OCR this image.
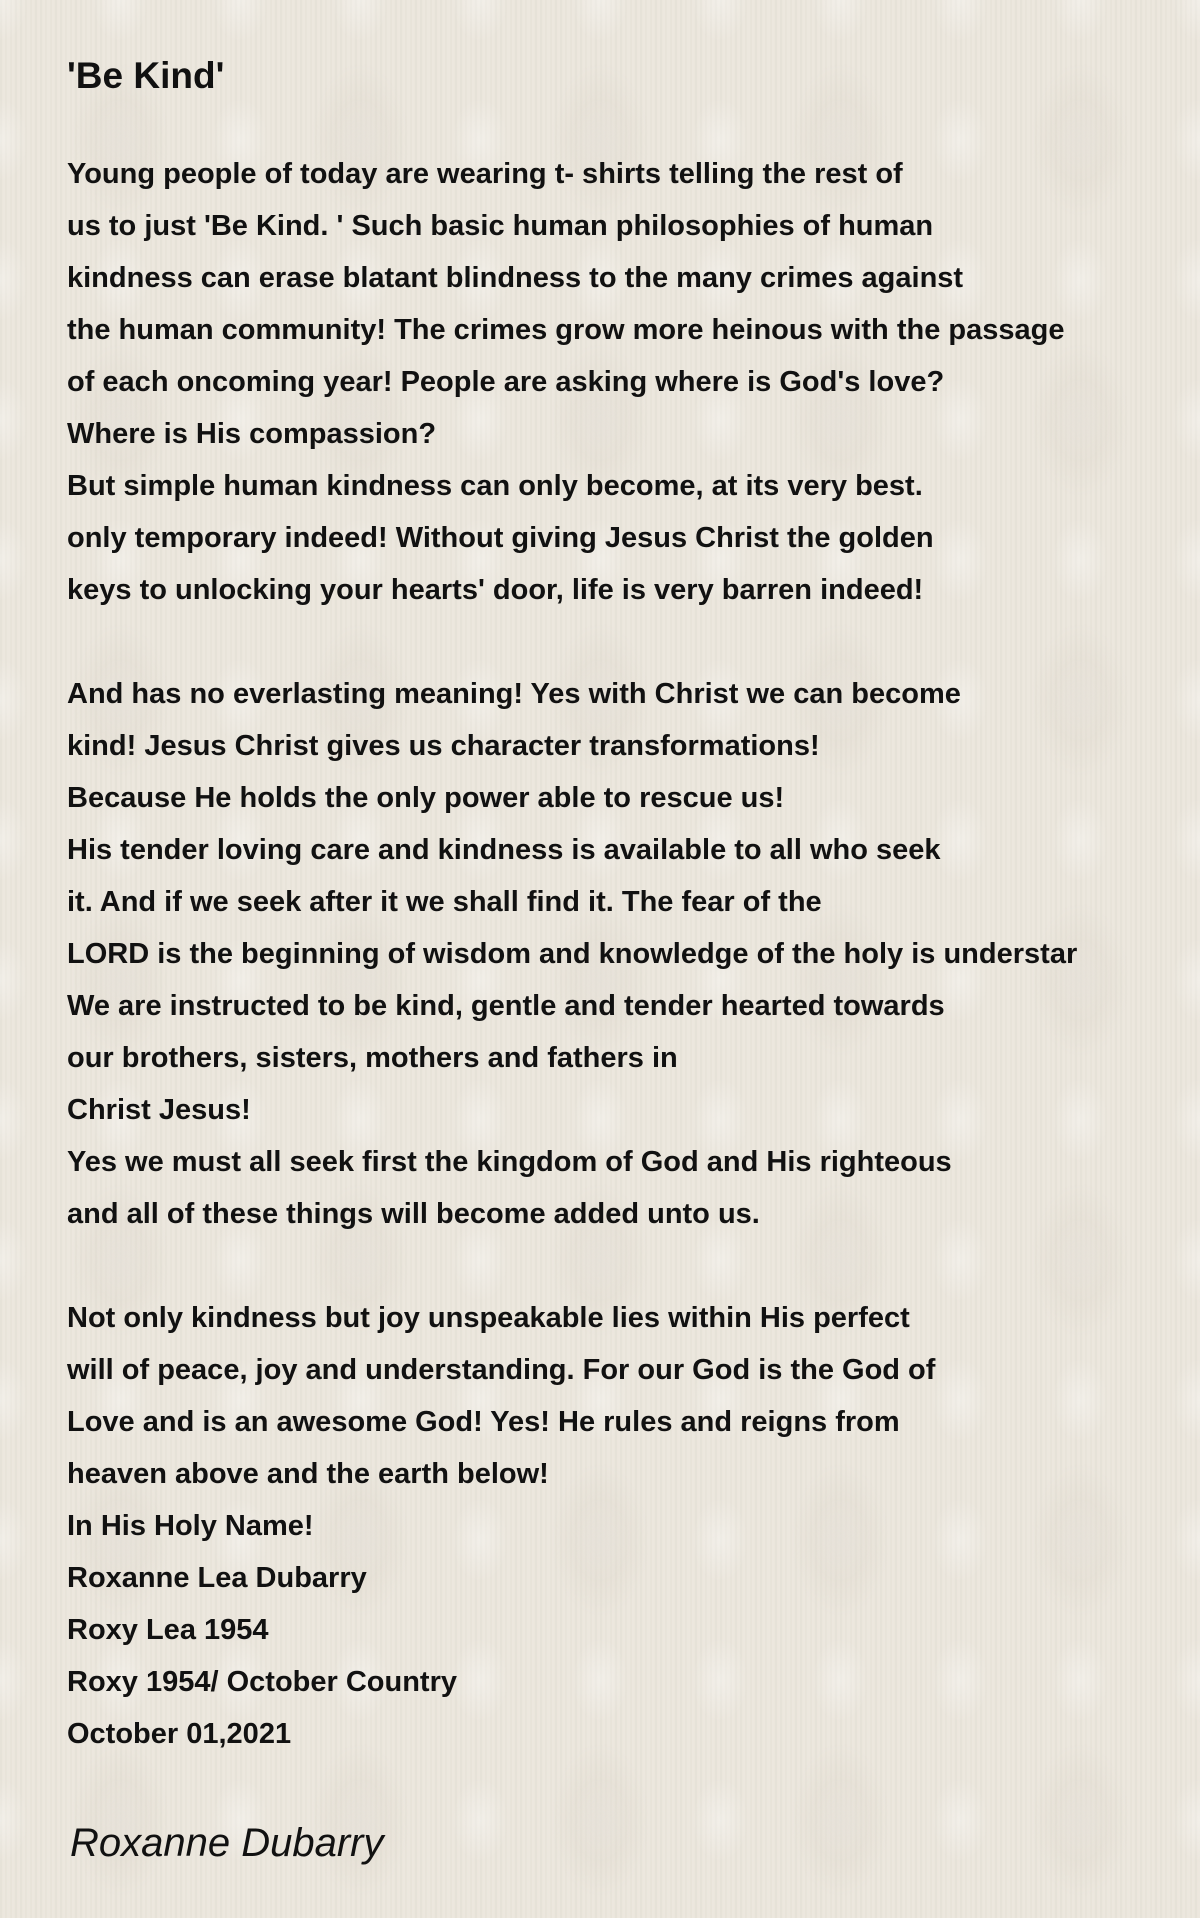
'Be Kind'
Young people of today are wearing t- shirts telling the rest of
us to just 'Be Kind. ' Such basic human philosophies of human
kindness can erase blatant blindness to the many crimes against
the human community! The crimes grow more heinous with the passage
of each oncoming year! People are asking where is God's love?
Where is His compassion?
But simple human kindness can only become, at its very best.
only temporary indeed! Without giving Jesus Christ the golden
keys to unlocking your hearts' door, life is very barren indeed!
And has no everlasting meaning! Yes with Christ we can become
kind! Jesus Christ gives us character transformations!
Because He holds the only power able to rescue us!
His tender loving care and kindness is available to all who seek
it. And if we seek after it we shall find it. The fear of the
LORD is the beginning of wisdom and knowledge of the holy is understar
We are instructed to be kind, gentle and tender hearted towards
our brothers, sisters, mothers and fathers in
Christ Jesus!
Yes we must all seek first the kingdom of God and His righteous
and all of these things will become added unto us.
Not only kindness but joy unspeakable lies within His perfect
will of peace, joy and understanding. For our God is the God of
Love and is an awesome God! Yes! He rules and reigns from
heaven above and the earth below!
In His Holy Name!
Roxanne Lea Dubarry
Roxy Lea 1954
Roxy 1954/ October Country
October 01,2021
Roxanne Dubarry
